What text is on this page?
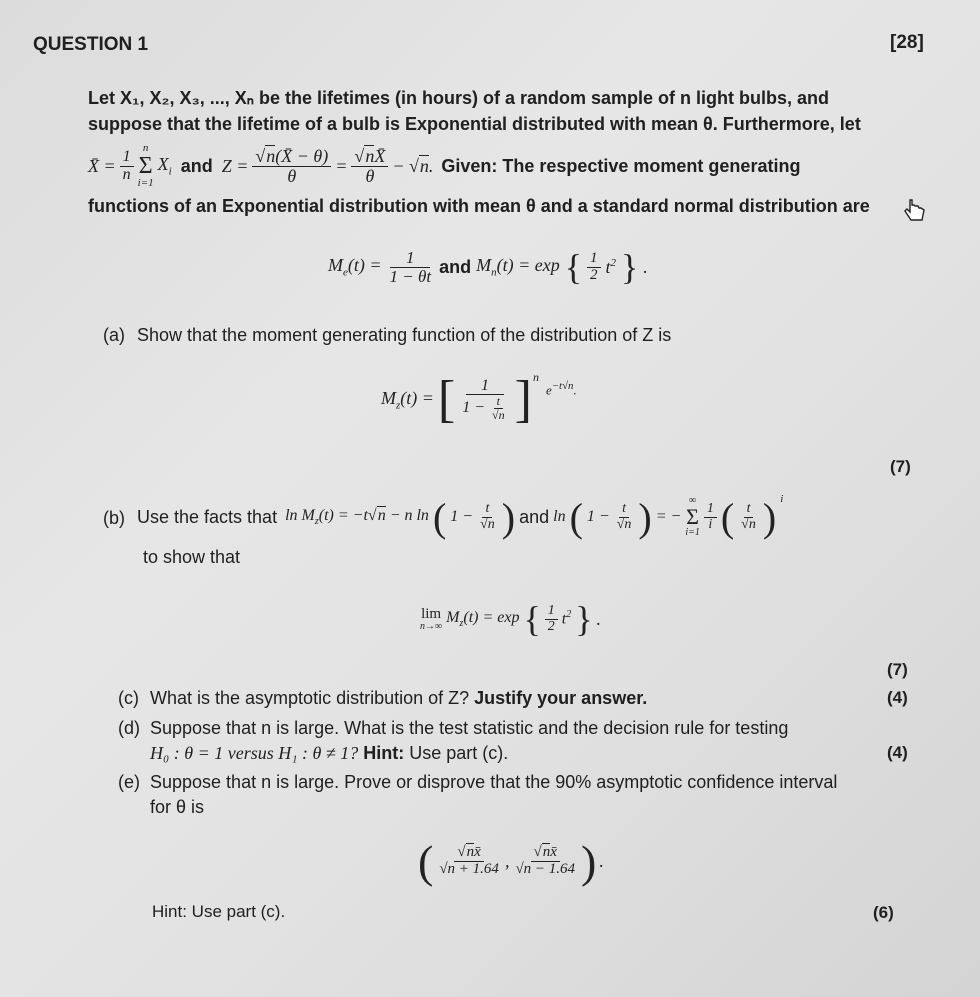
QUESTION 1	[28]
Let X₁, X₂, X₃, ..., Xₙ be the lifetimes (in hours) of a random sample of n light bulbs, and
suppose that the lifetime of a bulb is Exponential distributed with mean θ. Furthermore, let
X̄ = $\frac{1}{n}$
n
Σ
i=1
$X_i$ and $Z = \frac{√n(X̄ - \theta)}{\theta} = \frac{√nX̄}{\theta} - √n$. Given: The respective moment generating
functions of an Exponential distribution with mean θ and a standard normal distribution are
$M_e(t) = \frac{1}{1 - \theta t}$ and $M_n(t) = \exp$ { $\frac{1}{2} t^2$ } .
(a) Show that the moment generating function of the distribution of Z is
$M_z(t)$ = [ $\frac{1}{1 - \frac{t}{√n}}$ ] n
$e^{-t√n}$.
(7)
(b) Use the facts that $\ln M_z(t) = -t√n - n$ ln ( $1 - \frac{t}{√n}$ ) and ln ( $1 - \frac{t}{√n}$ ) = −
∞
Σ
i=1
$\frac{1}{i}$ ( $\frac{t}{√n}$ ) i
to show that
lim
n→∞
$M_z(t) = \exp$ { $\frac{1}{2} t^2$ } .
(7)
(c) What is the asymptotic distribution of Z? Justify your answer.	(4)
(d) Suppose that n is large. What is the test statistic and the decision rule for testing
H₀ : θ = 1 versus H₁ : θ ≠ 1? Hint: Use part (c).	(4)
(e) Suppose that n is large. Prove or disprove that the 90% asymptotic confidence interval
for θ is
( $\frac{√nx̄}{√n + 1.64}$ , $\frac{√nx̄}{√n - 1.64}$ ) .
Hint: Use part (c).	(6)
